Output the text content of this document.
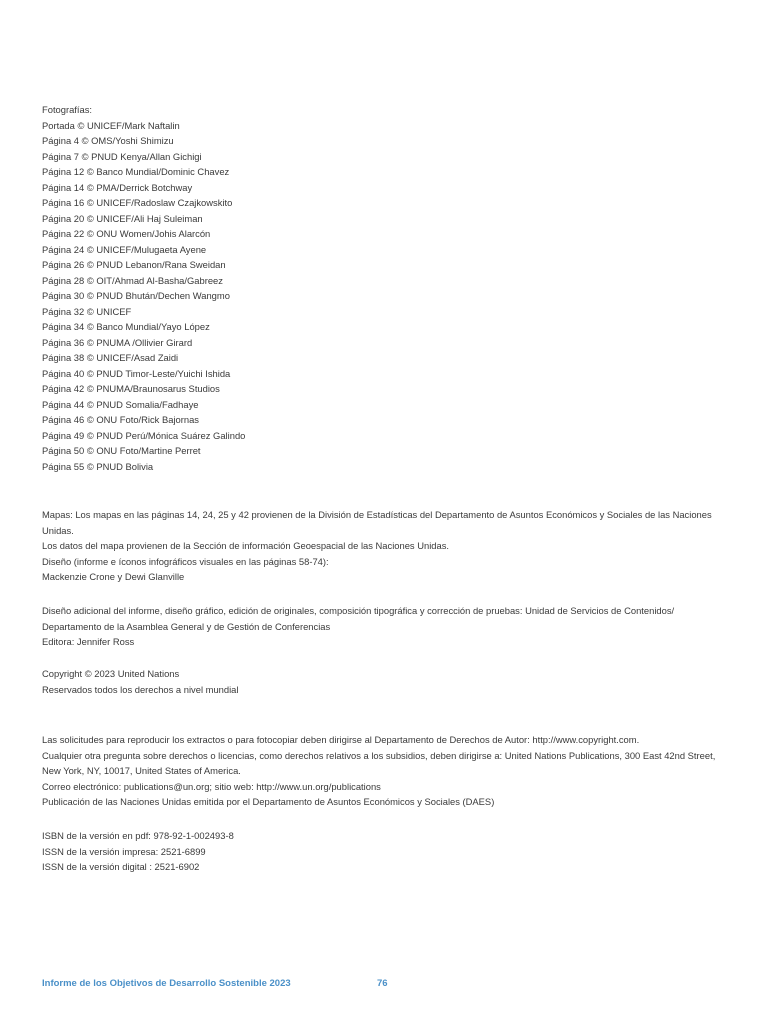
Fotografías:
Portada © UNICEF/Mark Naftalin
Página 4 © OMS/Yoshi Shimizu
Página 7 © PNUD Kenya/Allan Gichigi
Página 12 © Banco Mundial/Dominic Chavez
Página 14 © PMA/Derrick Botchway
Página 16 © UNICEF/Radoslaw Czajkowskito
Página 20 © UNICEF/Ali Haj Suleiman
Página 22 © ONU Women/Johis Alarcón
Página 24 © UNICEF/Mulugaeta Ayene
Página 26 © PNUD Lebanon/Rana Sweidan
Página 28 © OIT/Ahmad Al-Basha/Gabreez
Página 30 © PNUD Bhután/Dechen Wangmo
Página 32 © UNICEF
Página 34 © Banco Mundial/Yayo López
Página 36 © PNUMA /Ollivier Girard
Página 38 © UNICEF/Asad Zaidi
Página 40 © PNUD Timor-Leste/Yuichi Ishida
Página 42 © PNUMA/Braunosarus Studios
Página 44 © PNUD Somalia/Fadhaye
Página 46 © ONU Foto/Rick Bajornas
Página 49 © PNUD Perú/Mónica Suárez Galindo
Página 50 © ONU Foto/Martine Perret
Página 55 © PNUD Bolivia
Mapas: Los mapas en las páginas 14, 24, 25 y 42 provienen de la División de Estadísticas del Departamento de Asuntos Económicos y Sociales de las Naciones Unidas.
Los datos del mapa provienen de la Sección de información Geoespacial de las Naciones Unidas.
Diseño (informe e íconos infográficos visuales en las páginas 58-74):
Mackenzie Crone y Dewi Glanville
Diseño adicional del informe, diseño gráfico, edición de originales, composición tipográfica y corrección de pruebas: Unidad de Servicios de Contenidos/ Departamento de la Asamblea General y de Gestión de Conferencias
Editora: Jennifer Ross
Copyright © 2023 United Nations
Reservados todos los derechos a nivel mundial
Las solicitudes para reproducir los extractos o para fotocopiar deben dirigirse al Departamento de Derechos de Autor: http://www.copyright.com.
Cualquier otra pregunta sobre derechos o licencias, como derechos relativos a los subsidios, deben dirigirse a: United Nations Publications, 300 East 42nd Street, New York, NY, 10017, United States of America.
Correo electrónico: publications@un.org; sitio web: http://www.un.org/publications
Publicación de las Naciones Unidas emitida por el Departamento de Asuntos Económicos y Sociales (DAES)
ISBN de la versión en pdf: 978-92-1-002493-8
ISSN de la versión impresa: 2521-6899
ISSN de la versión digital : 2521-6902
Informe de los Objetivos de Desarrollo Sostenible 2023	76
